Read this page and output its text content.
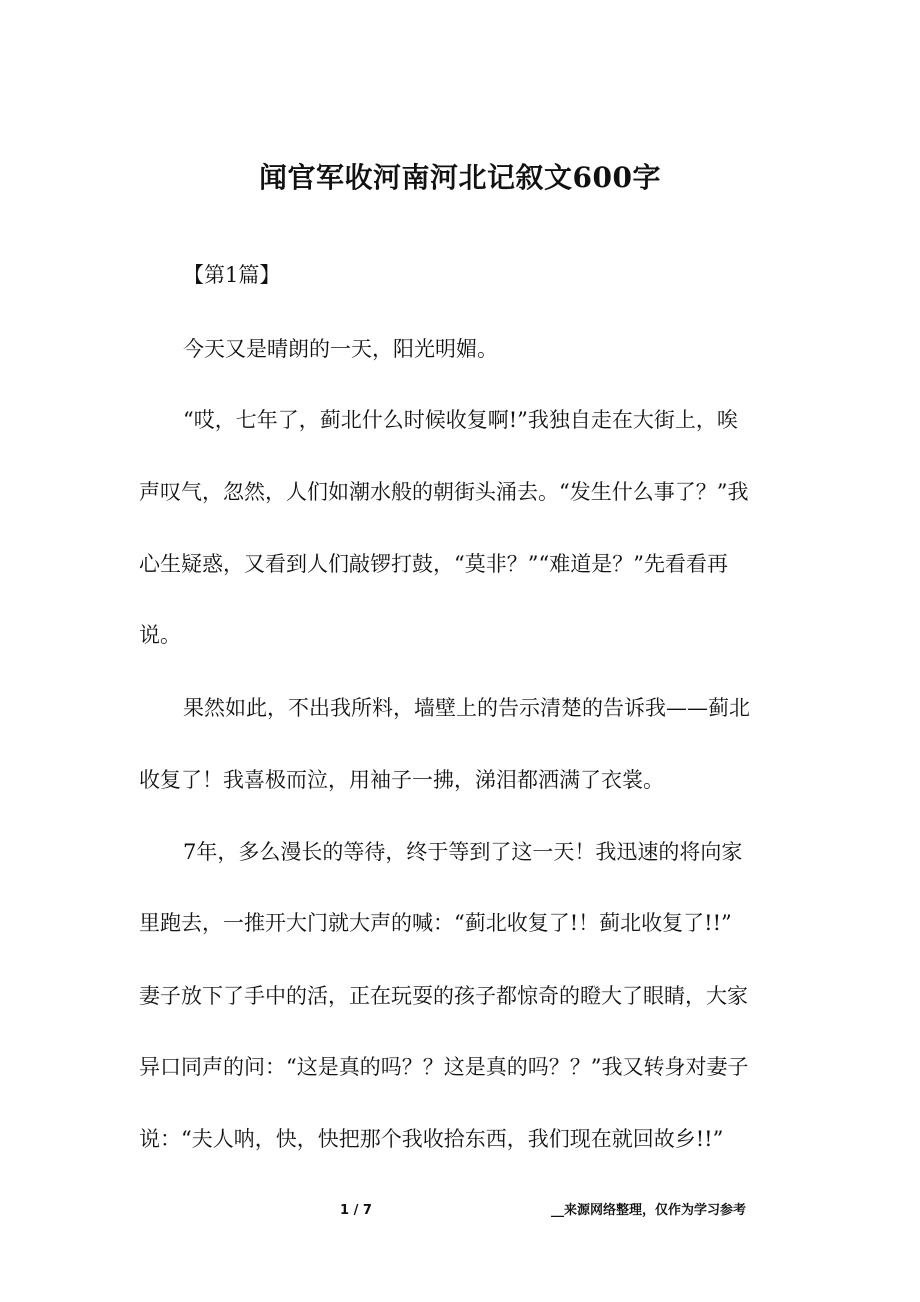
闻官军收河南河北记叙文600字
【第1篇】
今天又是晴朗的一天，阳光明媚。
“哎，七年了，蓟北什么时候收复啊!”我独自走在大街上，唉
声叹气，忽然，人们如潮水般的朝街头涌去。“发生什么事了？”我
心生疑惑，又看到人们敲锣打鼓，“莫非？”“难道是？”先看看再
说。
果然如此，不出我所料，墙壁上的告示清楚的告诉我——蓟北
收复了！我喜极而泣，用袖子一拂，涕泪都洒满了衣裳。
7年，多么漫长的等待，终于等到了这一天！我迅速的将向家
里跑去，一推开大门就大声的喊：“蓟北收复了!！蓟北收复了!!”
妻子放下了手中的活，正在玩耍的孩子都惊奇的瞪大了眼睛，大家
异口同声的问：“这是真的吗？？这是真的吗？？”我又转身对妻子
说：“夫人呐，快，快把那个我收拾东西，我们现在就回故乡!!”
1 / 7	__来源网络整理，仅作为学习参考
